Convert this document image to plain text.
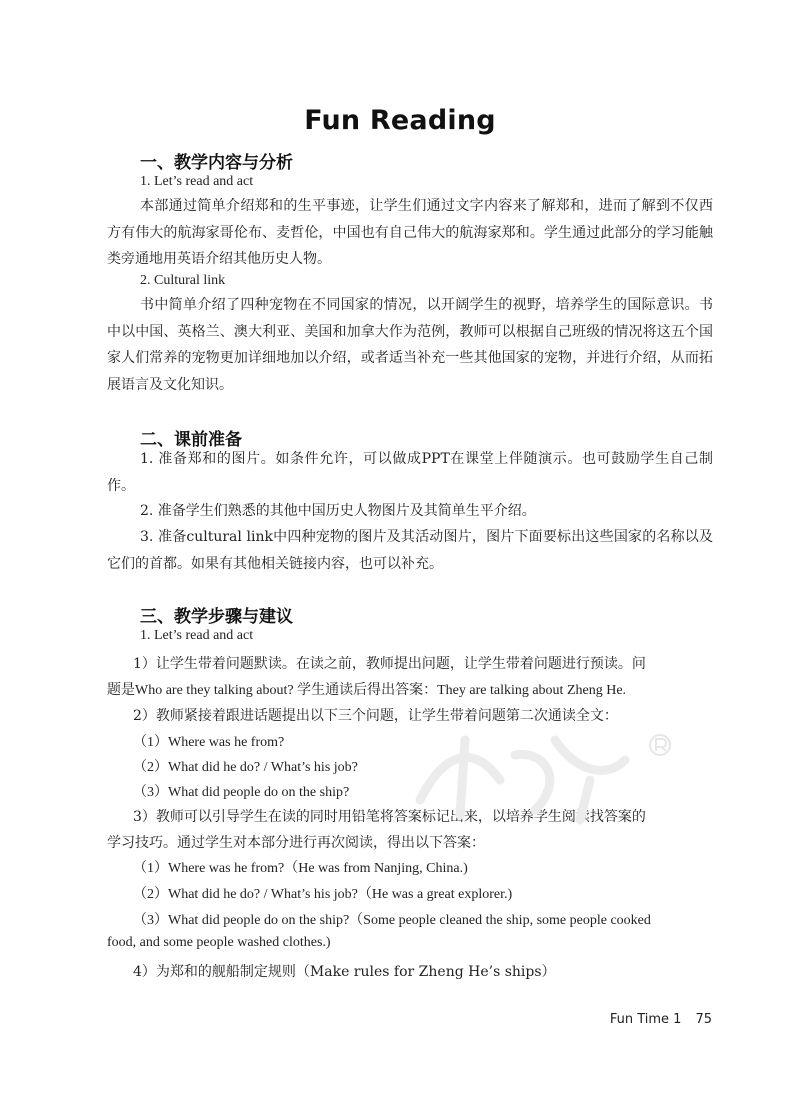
Fun Reading
一、教学内容与分析
1. Let’s read and act
本部通过简单介绍郑和的生平事迹，让学生们通过文字内容来了解郑和，进而了解到不仅西方有伟大的航海家哥伦布、麦哲伦，中国也有自己伟大的航海家郑和。学生通过此部分的学习能触类旁通地用英语介绍其他历史人物。
2. Cultural link
书中简单介绍了四种宠物在不同国家的情况，以开阔学生的视野，培养学生的国际意识。书中以中国、英格兰、澳大利亚、美国和加拿大作为范例，教师可以根据自己班级的情况将这五个国家人们常养的宠物更加详细地加以介绍，或者适当补充一些其他国家的宠物，并进行介绍，从而拓展语言及文化知识。
二、课前准备
1. 准备郑和的图片。如条件允许，可以做成PPT在课堂上伴随演示。也可鼓励学生自己制作。
2. 准备学生们熟悉的其他中国历史人物图片及其简单生平介绍。
3. 准备cultural link中四种宠物的图片及其活动图片，图片下面要标出这些国家的名称以及它们的首都。如果有其他相关链接内容，也可以补充。
三、教学步骤与建议
1. Let’s read and act
1）让学生带着问题默读。在读之前，教师提出问题，让学生带着问题进行预读。问
题是Who are they talking about? 学生通读后得出答案：They are talking about Zheng He.
2）教师紧接着跟进话题提出以下三个问题，让学生带着问题第二次通读全文：
（1）Where was he from?
（2）What did he do? / What’s his job?
（3）What did people do on the ship?
3）教师可以引导学生在读的同时用铅笔将答案标记出来，以培养学生阅读找答案的
学习技巧。通过学生对本部分进行再次阅读，得出以下答案：
（1）Where was he from?（He was from Nanjing, China.)
（2）What did he do? / What’s his job?（He was a great explorer.)
（3）What did people do on the ship?（Some people cleaned the ship, some people cooked
food, and some people washed clothes.)
4）为郑和的舰船制定规则（Make rules for Zheng He’s ships）
Fun Time 1 75
